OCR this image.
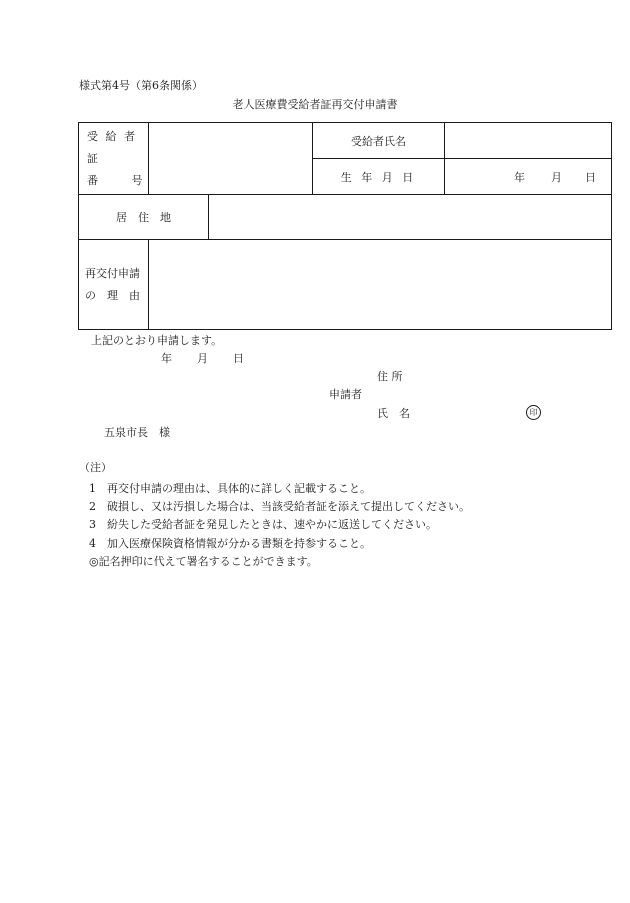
様式第4号（第6条関係）
老人医療費受給者証再交付申請書
受 給 者 証
番　　 号			受給者氏名	
			生 年 月 日	年 月 日

居　住　地				

再交付申請
の　理　由				

上記のとおり申請します。
年 月 日
住 所
申請者
氏　名	印
五泉市長　様
（注）
1 再交付申請の理由は、具体的に詳しく記載すること。
2 破損し、又は汚損した場合は、当該受給者証を添えて提出してください。
3 紛失した受給者証を発見したときは、速やかに返送してください。
4 加入医療保険資格情報が分かる書類を持参すること。
◎記名押印に代えて署名することができます。
